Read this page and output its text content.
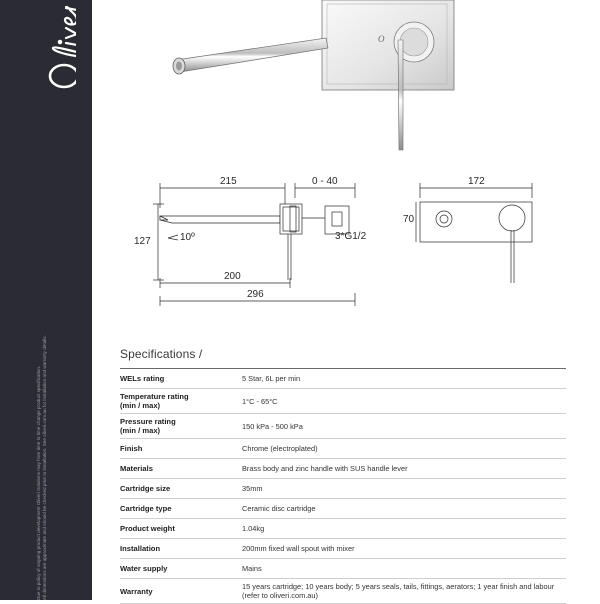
Due to policy of ongoing product development Oliveri Solutions may from time to time change product specification. All dimensions are approximate and should be checked prior to installation. See oliveri.com.au for installation and warranty details.
O
215	0 - 40	172
70
127	10º	3*G1/2
200
296
Specifications /
WELs rating	5 Star, 6L per min
Temperature rating
(min / max)	1°C - 65°C
Pressure rating
(min / max)	150 kPa - 500 kPa
Finish	Chrome (electroplated)
Materials	Brass body and zinc handle with SUS handle lever
Cartridge size	35mm
Cartridge type	Ceramic disc cartridge
Product weight	1.04kg
Installation	200mm fixed wall spout with mixer
Water supply	Mains
Warranty	15 years cartridge; 10 years body; 5 years seals, tails, fittings, aerators; 1 year finish and labour (refer to oliveri.com.au)
